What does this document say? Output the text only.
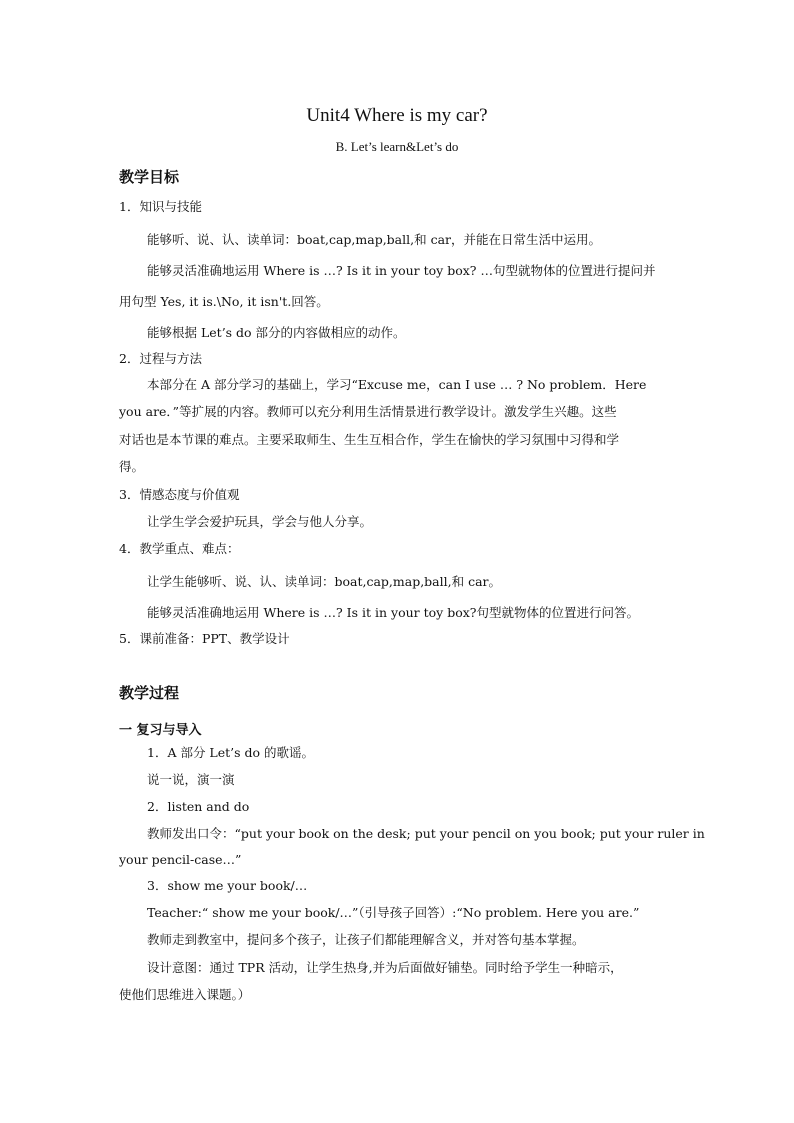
Unit4 Where is my car?
B. Let’s learn&Let’s do
教学目标
1．知识与技能
能够听、说、认、读单词：boat,cap,map,ball,和 car，并能在日常生活中运用。
能够灵活准确地运用 Where is …? Is it in your toy box? …句型就物体的位置进行提问并
用句型 Yes, it is.\No, it isn't.回答。
能够根据 Let’s do 部分的内容做相应的动作。
2．过程与方法
本部分在 A 部分学习的基础上，学习“Excuse me，can I use … ? No problem．Here
you are．”等扩展的内容。教师可以充分利用生活情景进行教学设计。激发学生兴趣。这些
对话也是本节课的难点。主要采取师生、生生互相合作，学生在愉快的学习氛围中习得和学
得。
3．情感态度与价值观
让学生学会爱护玩具，学会与他人分享。
4．教学重点、难点：
让学生能够听、说、认、读单词：boat,cap,map,ball,和 car。
能够灵活准确地运用 Where is …? Is it in your toy box?句型就物体的位置进行问答。
5．课前准备：PPT、教学设计
教学过程
一 复习与导入
1．A 部分 Let’s do 的歌谣。
说一说，演一演
2．listen and do
教师发出口令：“put your book on the desk; put your pencil on you book; put your ruler in
your pencil-case…”
3．show me your book/…
Teacher:“ show me your book/…”（引导孩子回答）:“No problem. Here you are.”
教师走到教室中，提问多个孩子，让孩子们都能理解含义，并对答句基本掌握。
设计意图：通过 TPR 活动，让学生热身,并为后面做好铺垫。同时给予学生一种暗示，
使他们思维进入课题。）
